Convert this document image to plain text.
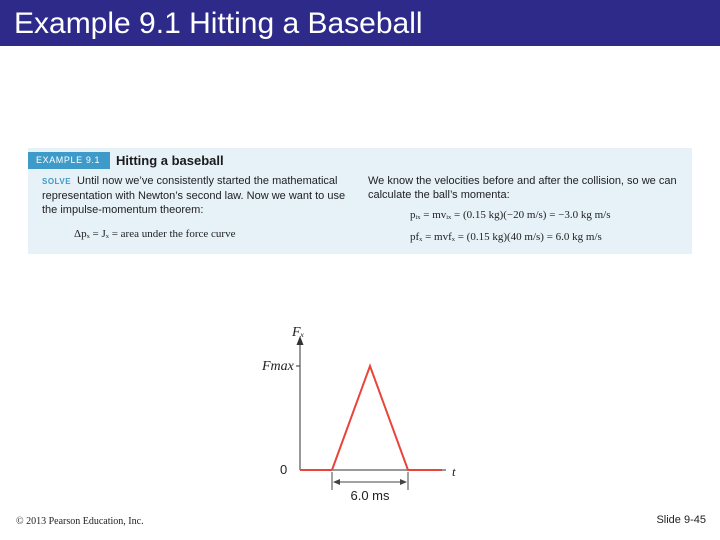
Example 9.1 Hitting a Baseball
EXAMPLE 9.1	Hitting a baseball
SOLVE Until now we’ve consistently started the mathematical representation with Newton’s second law. Now we want to use the impulse-momentum theorem:
Δpₓ = Jₓ = area under the force curve
We know the velocities before and after the collision, so we can calculate the ball’s momenta:
pᵢₓ = mvᵢₓ = (0.15 kg)(−20 m/s) = −3.0 kg m/s
pfₓ = mvfₓ = (0.15 kg)(40 m/s) = 6.0 kg m/s
Fₓ
Fmax
0	t
6.0 ms
© 2013 Pearson Education, Inc.	Slide 9-45
